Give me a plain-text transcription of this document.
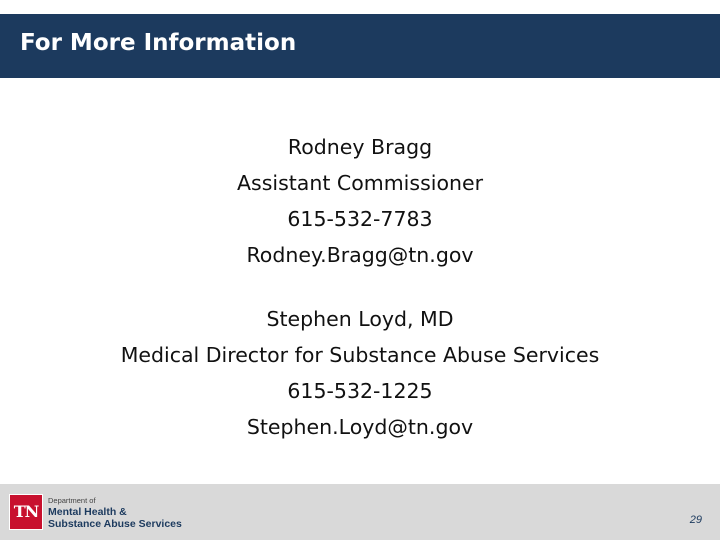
For More Information
Rodney Bragg
Assistant Commissioner
615-532-7783
Rodney.Bragg@tn.gov
Stephen Loyd, MD
Medical Director for Substance Abuse Services
615-532-1225
Stephen.Loyd@tn.gov
TN
Department of
Mental Health &
Substance Abuse Services	29
